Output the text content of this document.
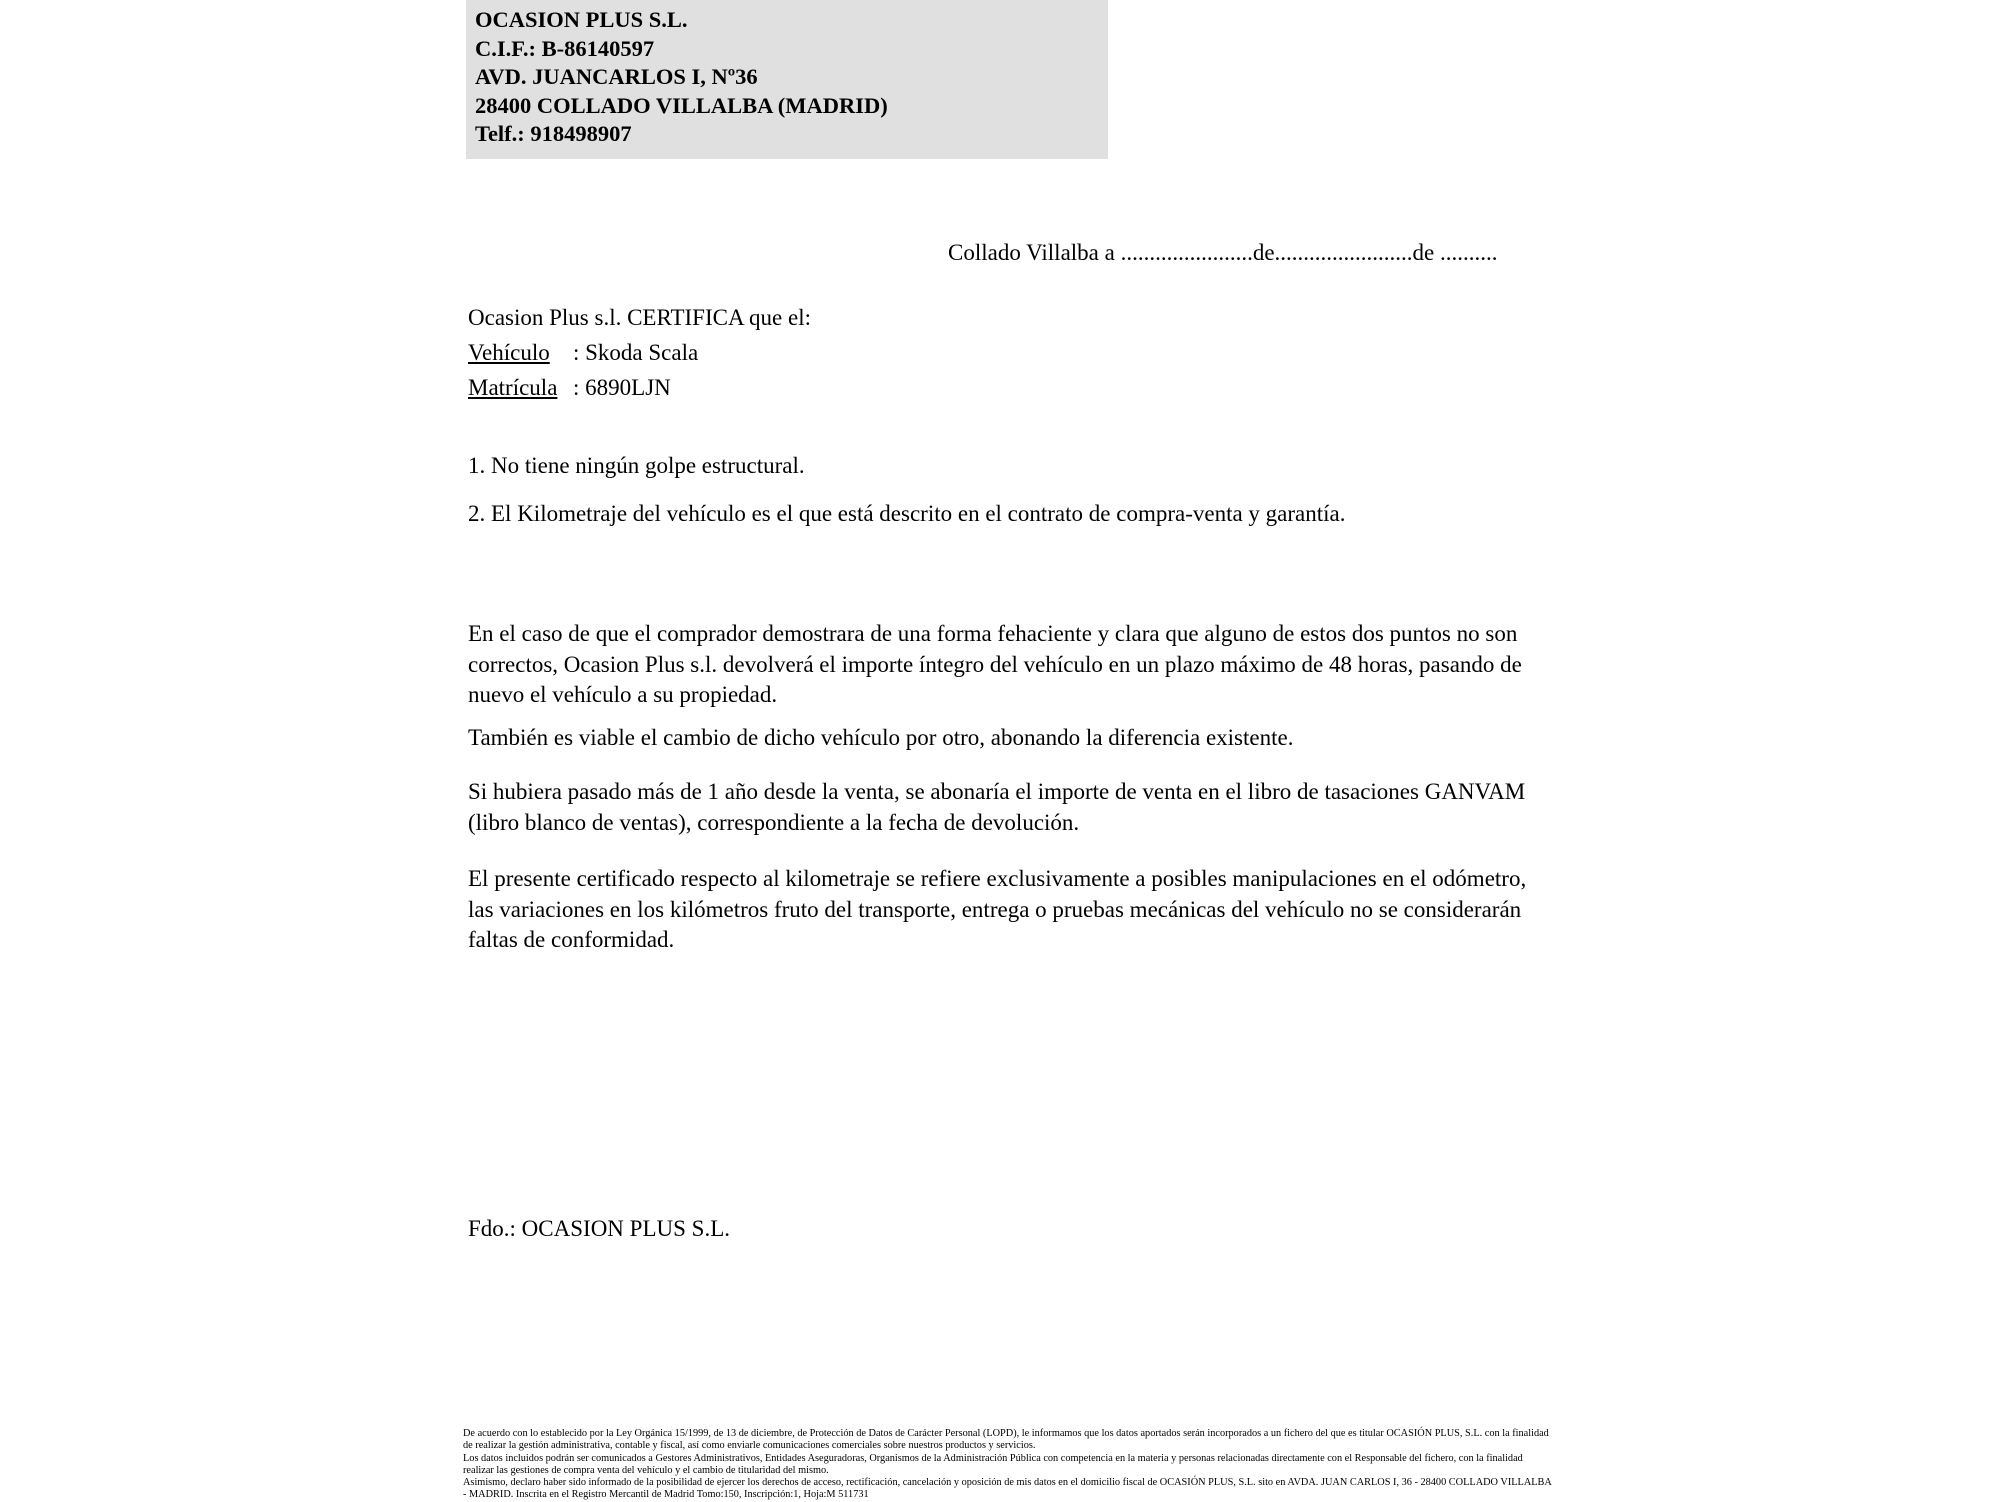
OCASION PLUS S.L.
C.I.F.: B-86140597
AVD. JUANCARLOS I, Nº36
28400 COLLADO VILLALBA (MADRID)
Telf.: 918498907
Collado Villalba a .......................de........................de ..........
Ocasion Plus s.l. CERTIFICA que el:
Vehículo : Skoda Scala
Matrícula : 6890LJN
1. No tiene ningún golpe estructural.
2. El Kilometraje del vehículo es el que está descrito en el contrato de compra-venta y garantía.
En el caso de que el comprador demostrara de una forma fehaciente y clara que alguno de estos dos puntos no son correctos, Ocasion Plus s.l. devolverá el importe íntegro del vehículo en un plazo máximo de 48 horas, pasando de nuevo el vehículo a su propiedad.
También es viable el cambio de dicho vehículo por otro, abonando la diferencia existente.
Si hubiera pasado más de 1 año desde la venta, se abonaría el importe de venta en el libro de tasaciones GANVAM (libro blanco de ventas), correspondiente a la fecha de devolución.
El presente certificado respecto al kilometraje se refiere exclusivamente a posibles manipulaciones en el odómetro, las variaciones en los kilómetros fruto del transporte, entrega o pruebas mecánicas del vehículo no se considerarán faltas de conformidad.
Fdo.: OCASION PLUS S.L.

De acuerdo con lo establecido por la Ley Orgánica 15/1999, de 13 de diciembre, de Protección de Datos de Carácter Personal (LOPD), le informamos que los datos aportados serán incorporados a un fichero del que es titular OCASIÓN PLUS, S.L. con la finalidad de realizar la gestión administrativa, contable y fiscal, así como enviarle comunicaciones comerciales sobre nuestros productos y servicios.

Los datos incluidos podrán ser comunicados a Gestores Administrativos, Entidades Aseguradoras, Organismos de la Administración Pública con competencia en la materia y personas relacionadas directamente con el Responsable del fichero, con la finalidad realizar las gestiones de compra venta del vehículo y el cambio de titularidad del mismo.

Asimismo, declaro haber sido informado de la posibilidad de ejercer los derechos de acceso, rectificación, cancelación y oposición de mis datos en el domicilio fiscal de OCASIÓN PLUS, S.L. sito en AVDA. JUAN CARLOS I, 36 - 28400 COLLADO VILLALBA - MADRID. Inscrita en el Registro Mercantil de Madrid Tomo:150, Inscripción:1, Hoja:M 511731
